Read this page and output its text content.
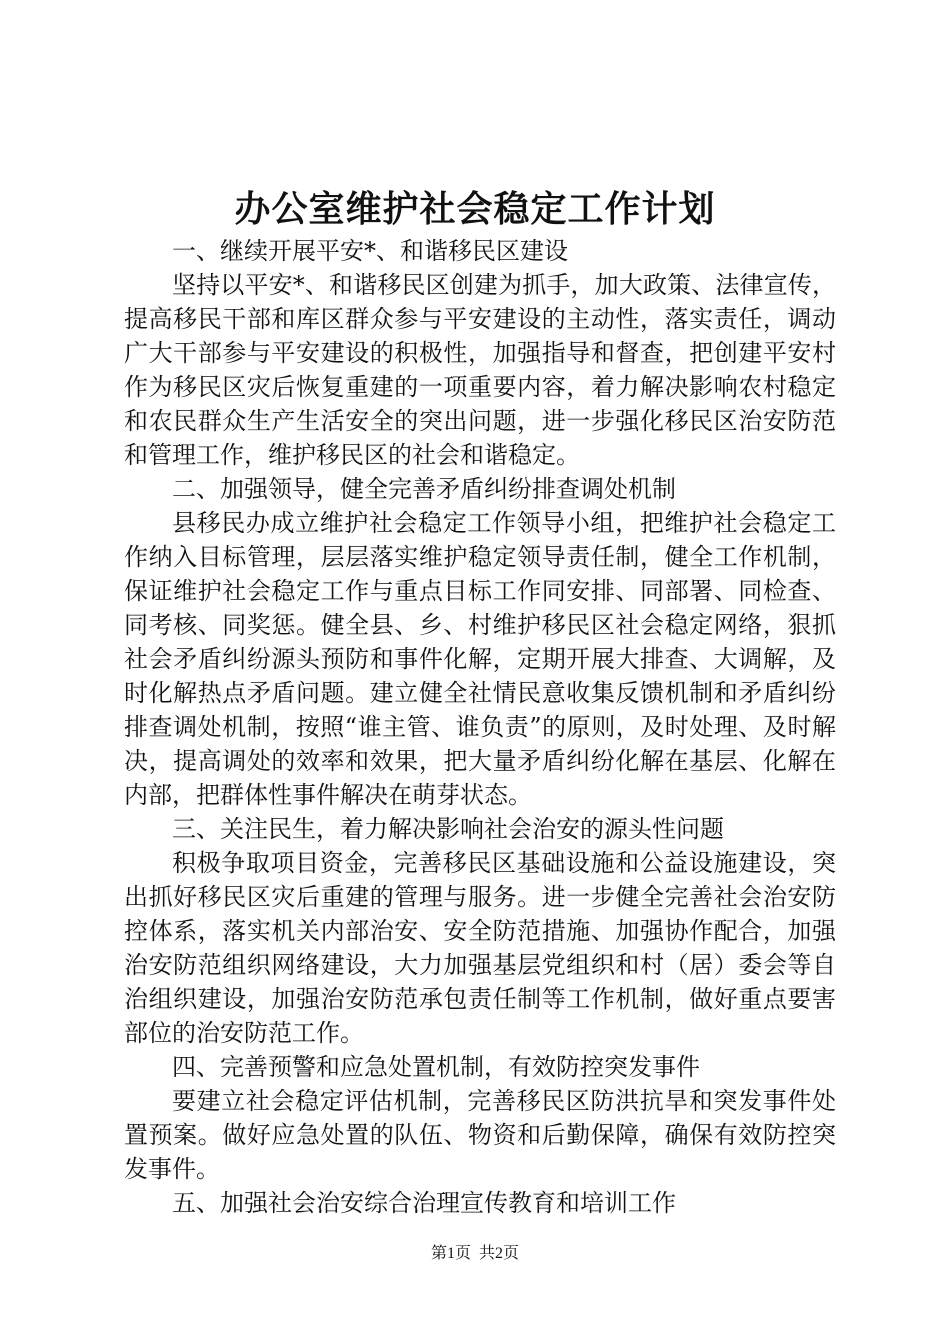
办公室维护社会稳定工作计划

一、继续开展平安*、和谐移民区建设

坚持以平安*、和谐移民区创建为抓手，加大政策、法律宣传，提高移民干部和库区群众参与平安建设的主动性，落实责任，调动广大干部参与平安建设的积极性，加强指导和督查，把创建平安村作为移民区灾后恢复重建的一项重要内容，着力解决影响农村稳定和农民群众生产生活安全的突出问题，进一步强化移民区治安防范和管理工作，维护移民区的社会和谐稳定。

二、加强领导，健全完善矛盾纠纷排查调处机制

县移民办成立维护社会稳定工作领导小组，把维护社会稳定工作纳入目标管理，层层落实维护稳定领导责任制，健全工作机制，保证维护社会稳定工作与重点目标工作同安排、同部署、同检查、同考核、同奖惩。健全县、乡、村维护移民区社会稳定网络，狠抓社会矛盾纠纷源头预防和事件化解，定期开展大排查、大调解，及时化解热点矛盾问题。建立健全社情民意收集反馈机制和矛盾纠纷排查调处机制，按照“谁主管、谁负责”的原则，及时处理、及时解决，提高调处的效率和效果，把大量矛盾纠纷化解在基层、化解在内部，把群体性事件解决在萌芽状态。

三、关注民生，着力解决影响社会治安的源头性问题

积极争取项目资金，完善移民区基础设施和公益设施建设，突出抓好移民区灾后重建的管理与服务。进一步健全完善社会治安防控体系，落实机关内部治安、安全防范措施、加强协作配合，加强治安防范组织网络建设，大力加强基层党组织和村（居）委会等自治组织建设，加强治安防范承包责任制等工作机制，做好重点要害部位的治安防范工作。

四、完善预警和应急处置机制，有效防控突发事件

要建立社会稳定评估机制，完善移民区防洪抗旱和突发事件处置预案。做好应急处置的队伍、物资和后勤保障，确保有效防控突发事件。

五、加强社会治安综合治理宣传教育和培训工作

第1页 共2页
